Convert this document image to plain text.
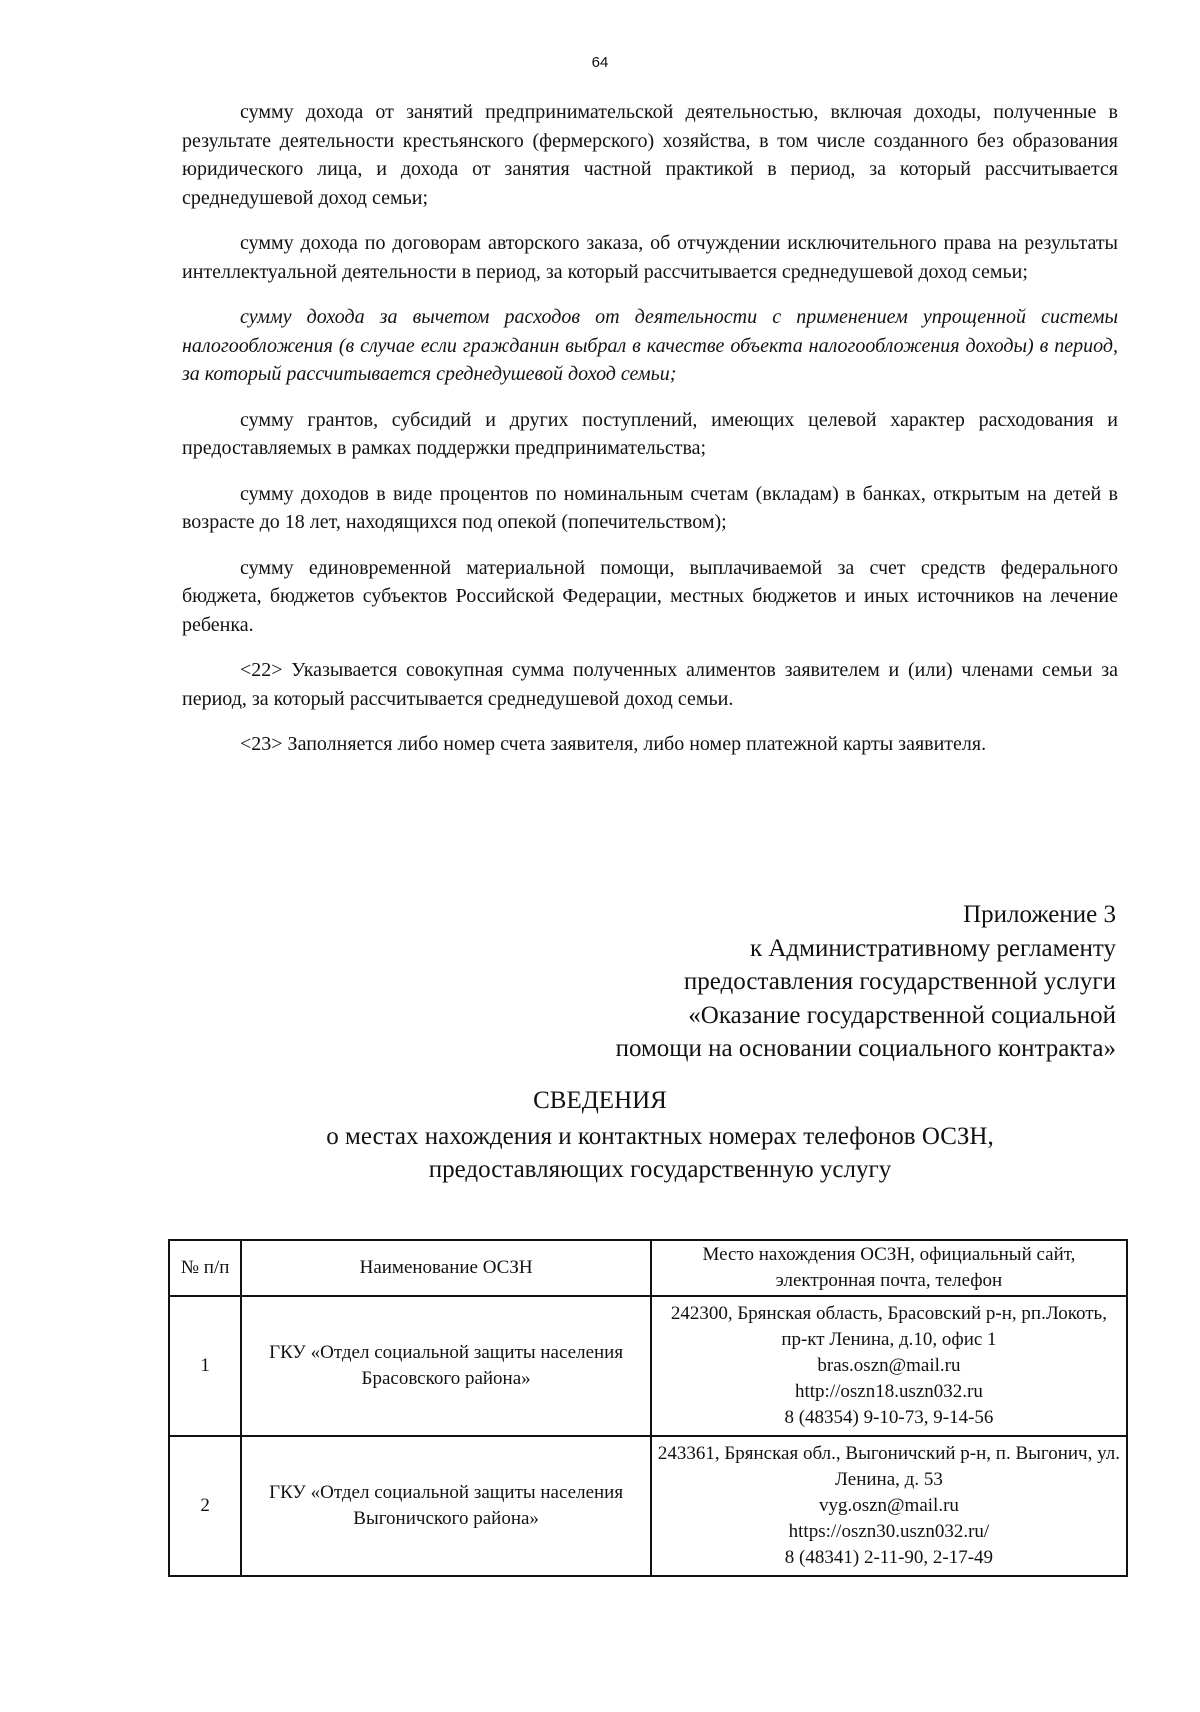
64

сумму дохода от занятий предпринимательской деятельностью, включая доходы, полученные в результате деятельности крестьянского (фермерского) хозяйства, в том числе созданного без образования юридического лица, и дохода от занятия частной практикой в период, за который рассчитывается среднедушевой доход семьи;

сумму дохода по договорам авторского заказа, об отчуждении исключительного права на результаты интеллектуальной деятельности в период, за который рассчитывается среднедушевой доход семьи;

сумму дохода за вычетом расходов от деятельности с применением упрощенной системы налогообложения (в случае если гражданин выбрал в качестве объекта налогообложения доходы) в период, за который рассчитывается среднедушевой доход семьи;

сумму грантов, субсидий и других поступлений, имеющих целевой характер расходования и предоставляемых в рамках поддержки предпринимательства;

сумму доходов в виде процентов по номинальным счетам (вкладам) в банках, открытым на детей в возрасте до 18 лет, находящихся под опекой (попечительством);

сумму единовременной материальной помощи, выплачиваемой за счет средств федерального бюджета, бюджетов субъектов Российской Федерации, местных бюджетов и иных источников на лечение ребенка.

<22> Указывается совокупная сумма полученных алиментов заявителем и (или) членами семьи за период, за который рассчитывается среднедушевой доход семьи.

<23> Заполняется либо номер счета заявителя, либо номер платежной карты заявителя.

Приложение 3
к Административному регламенту
предоставления государственной услуги
«Оказание государственной социальной
помощи на основании социального контракта»
СВЕДЕНИЯ
о местах нахождения и контактных номерах телефонов ОСЗН, предоставляющих государственную услугу
№ п/п	Наименование ОСЗН	Место нахождения ОСЗН, официальный сайт, электронная почта, телефон
1	ГКУ «Отдел социальной защиты населения Брасовского района»	242300, Брянская область, Брасовский р-н, рп.Локоть, пр-кт Ленина, д.10, офис 1
bras.oszn@mail.ru
http://oszn18.uszn032.ru
8 (48354) 9-10-73, 9-14-56

2	ГКУ «Отдел социальной защиты населения Выгоничского района»	243361, Брянская обл., Выгоничский р-н, п. Выгонич, ул. Ленина, д. 53
vyg.oszn@mail.ru
https://oszn30.uszn032.ru/
8 (48341) 2-11-90, 2-17-49
